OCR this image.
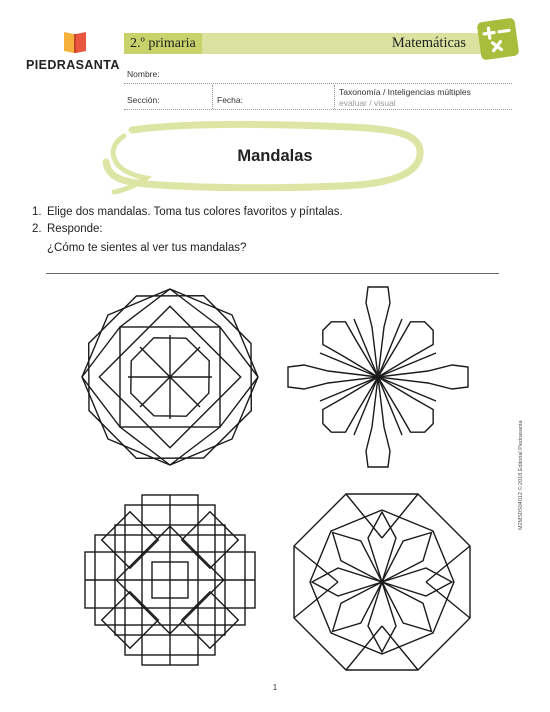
PIEDRASANTA
2.º primaria	Matemáticas
Nombre:
Sección:	Fecha:
Taxonomía / Inteligencias múltiples
evaluar / visual
Mandalas
1. Elige dos mandalas. Toma tus colores favoritos y píntalas.
2. Responde:
¿Cómo te sientes al ver tus mandalas?
M2MS0S04012 © 2018 Editorial Piedrasanta
1
